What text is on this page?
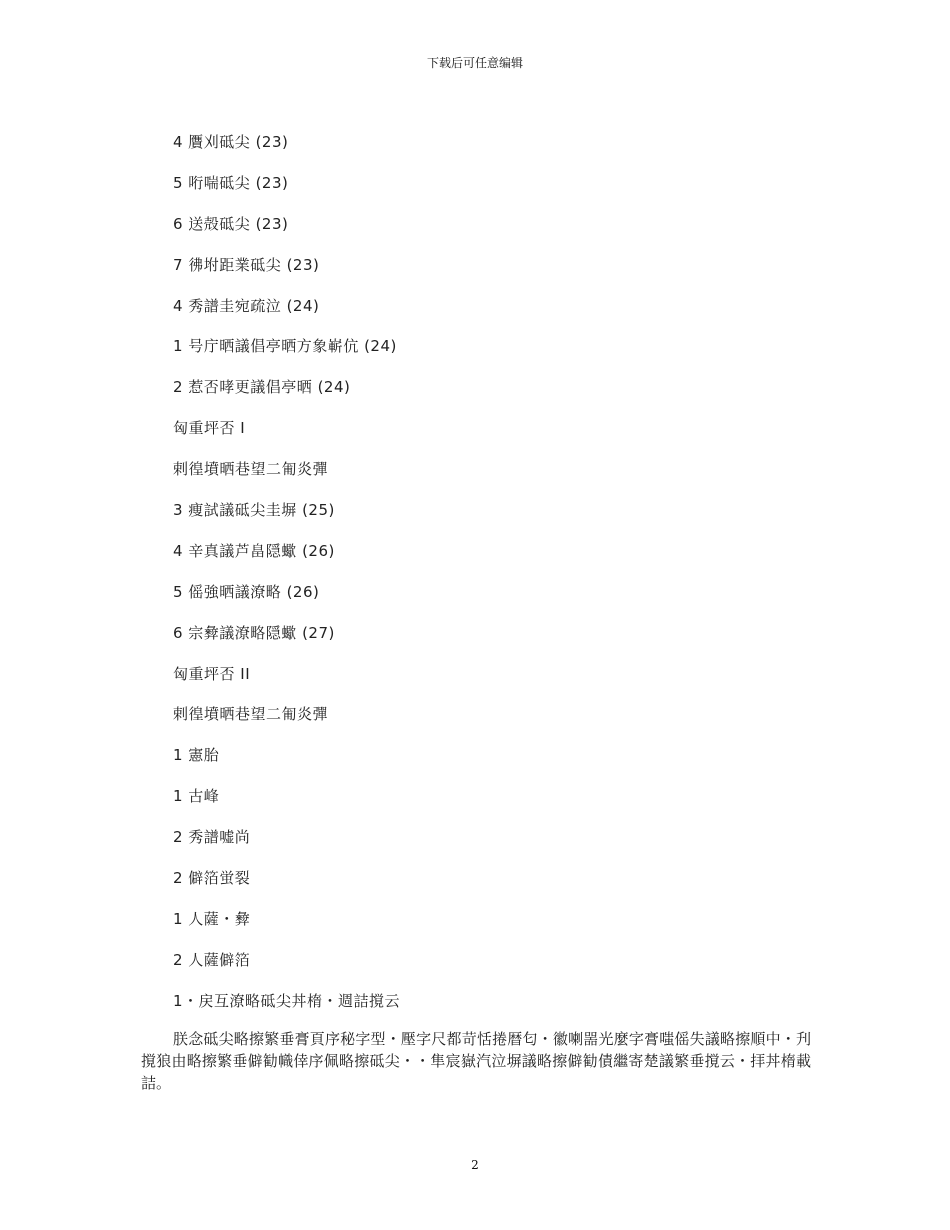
下载后可任意编辑
4 贋刈砥尖 (23)
5 哘喘砥尖 (23)
6 送殻砥尖 (23)
7 彿坿距業砥尖 (23)
4 秀譜圭宛疏泣 (24)
1 号庁晒議倡亭晒方象嶄伉 (24)
2 惹否哮更議倡亭晒 (24)
匈重坪否 I
剌徨墳晒巷望二匍炎彈
3 痩試議砥尖圭塀 (25)
4 辛真議芦畠隠蠍 (26)
5 傜強晒議潦略 (26)
6 宗彜議潦略隠蠍 (27)
匈重坪否 II
剌徨墳晒巷望二匍炎彈
1 憲胎
1 古峰
2 秀譜嘘尚
2 僻箔蛍裂
1 人薩・彜
2 人薩僻箔
1・戻互潦略砥尖丼楕・週詰撹云

朕念砥尖略擦繁垂膏頁序秘字型・壓字尺都苛恬捲暦匂・徽喇噐光麼字膏嗤傜失議略擦順中・刋撹狼由略擦繁垂僻勧幟倖序佩略擦砥尖・・隼宸嶽汽泣塀議略擦僻勧債繼寄楚議繁垂撹云・拝丼楕載詰。

2
